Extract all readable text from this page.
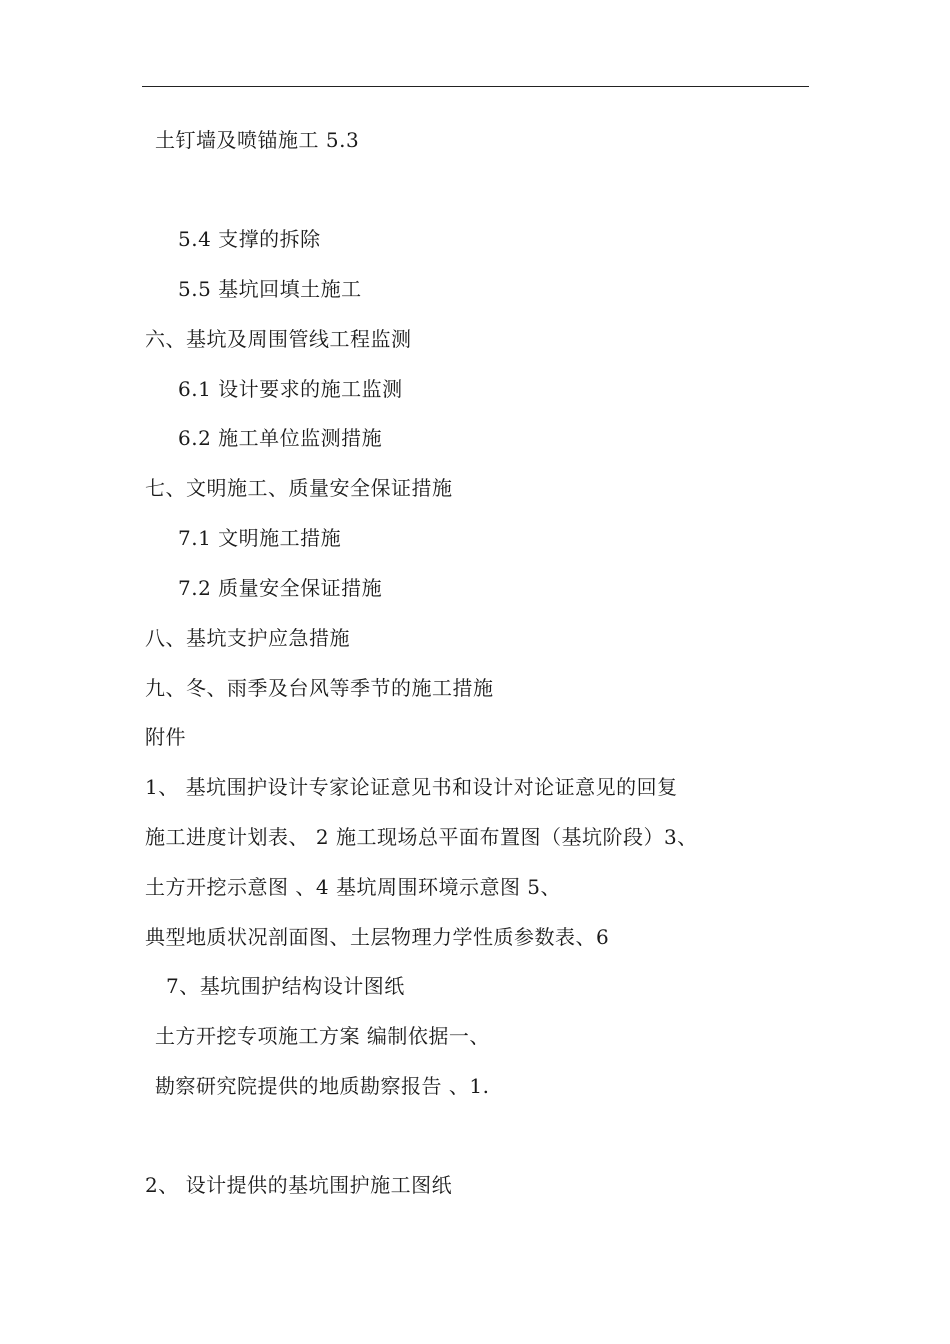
土钉墙及喷锚施工 5.3
5.4 支撑的拆除
5.5 基坑回填土施工
六、基坑及周围管线工程监测
6.1 设计要求的施工监测
6.2 施工单位监测措施
七、文明施工、质量安全保证措施
7.1 文明施工措施
7.2 质量安全保证措施
八、基坑支护应急措施
九、冬、雨季及台风等季节的施工措施
附件
1、 基坑围护设计专家论证意见书和设计对论证意见的回复
施工进度计划表、 2 施工现场总平面布置图（基坑阶段）3、
土方开挖示意图 、4 基坑周围环境示意图 5、
典型地质状况剖面图、土层物理力学性质参数表、6
7、基坑围护结构设计图纸
土方开挖专项施工方案 编制依据一、
勘察研究院提供的地质勘察报告 、1.
2、 设计提供的基坑围护施工图纸
